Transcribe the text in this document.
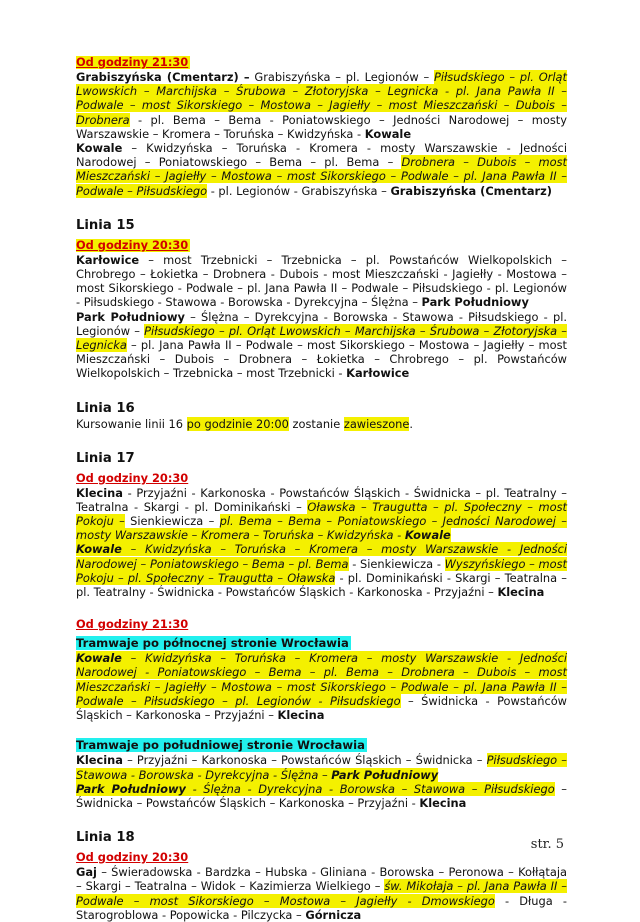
Od godziny 21:30
Grabiszyńska (Cmentarz) – Grabiszyńska – pl. Legionów – Piłsudskiego – pl. Orląt Lwowskich – Marchijska – Śrubowa – Złotoryjska – Legnicka - pl. Jana Pawła II – Podwale – most Sikorskiego – Mostowa – Jagiełły – most Mieszczański – Dubois – Drobnera - pl. Bema – Bema - Poniatowskiego – Jedności Narodowej – mosty Warszawskie – Kromera – Toruńska – Kwidzyńska - Kowale
Kowale – Kwidzyńska – Toruńska - Kromera - mosty Warszawskie - Jedności Narodowej – Poniatowskiego – Bema – pl. Bema – Drobnera – Dubois – most Mieszczański – Jagiełły – Mostowa – most Sikorskiego – Podwale – pl. Jana Pawła II – Podwale – Piłsudskiego - pl. Legionów - Grabiszyńska – Grabiszyńska (Cmentarz)
Linia 15
Od godziny 20:30
Karłowice – most Trzebnicki – Trzebnicka – pl. Powstańców Wielkopolskich – Chrobrego – Łokietka – Drobnera - Dubois - most Mieszczański - Jagiełły - Mostowa – most Sikorskiego - Podwale – pl. Jana Pawła II – Podwale – Piłsudskiego - pl. Legionów - Piłsudskiego - Stawowa - Borowska - Dyrekcyjna – Ślężna – Park Południowy
Park Południowy – Ślężna – Dyrekcyjna - Borowska - Stawowa - Piłsudskiego - pl. Legionów – Piłsudskiego – pl. Orląt Lwowskich – Marchijska – Śrubowa – Złotoryjska – Legnicka – pl. Jana Pawła II – Podwale – most Sikorskiego – Mostowa – Jagiełły – most Mieszczański – Dubois – Drobnera – Łokietka – Chrobrego – pl. Powstańców Wielkopolskich – Trzebnicka – most Trzebnicki - Karłowice
Linia 16
Kursowanie linii 16 po godzinie 20:00 zostanie zawieszone.
Linia 17
Od godziny 20:30
Klecina - Przyjaźni - Karkonoska - Powstańców Śląskich - Świdnicka – pl. Teatralny – Teatralna - Skargi - pl. Dominikański – Oławska – Traugutta – pl. Społeczny – most Pokoju – Sienkiewicza – pl. Bema – Bema – Poniatowskiego – Jedności Narodowej – mosty Warszawskie – Kromera – Toruńska – Kwidzyńska - Kowale
Kowale – Kwidzyńska – Toruńska – Kromera – mosty Warszawskie - Jedności Narodowej – Poniatowskiego – Bema – pl. Bema - Sienkiewicza - Wyszyńskiego – most Pokoju – pl. Społeczny – Traugutta – Oławska - pl. Dominikański - Skargi – Teatralna – pl. Teatralny - Świdnicka - Powstańców Śląskich - Karkonoska - Przyjaźni – Klecina
Od godziny 21:30
Tramwaje po północnej stronie Wrocławia
Kowale – Kwidzyńska – Toruńska – Kromera – mosty Warszawskie - Jedności Narodowej - Poniatowskiego – Bema – pl. Bema – Drobnera – Dubois – most Mieszczański – Jagiełły – Mostowa – most Sikorskiego – Podwale – pl. Jana Pawła II – Podwale – Piłsudskiego – pl. Legionów - Piłsudskiego – Świdnicka - Powstańców Śląskich – Karkonoska – Przyjaźni – Klecina
Tramwaje po południowej stronie Wrocławia
Klecina – Przyjaźni – Karkonoska – Powstańców Śląskich – Świdnicka – Piłsudskiego – Stawowa - Borowska - Dyrekcyjna - Ślężna – Park Południowy
Park Południowy - Ślężna - Dyrekcyjna - Borowska – Stawowa – Piłsudskiego – Świdnicka – Powstańców Śląskich – Karkonoska – Przyjaźni - Klecina
Linia 18
Od godziny 20:30
Gaj – Świeradowska - Bardzka – Hubska - Gliniana - Borowska – Peronowa – Kołłątaja – Skargi – Teatralna – Widok – Kazimierza Wielkiego – św. Mikołaja – pl. Jana Pawła II – Podwale – most Sikorskiego – Mostowa – Jagiełły - Dmowskiego - Długa - Starogroblowa - Popowicka - Pilczycka – Górnicza
str. 5
